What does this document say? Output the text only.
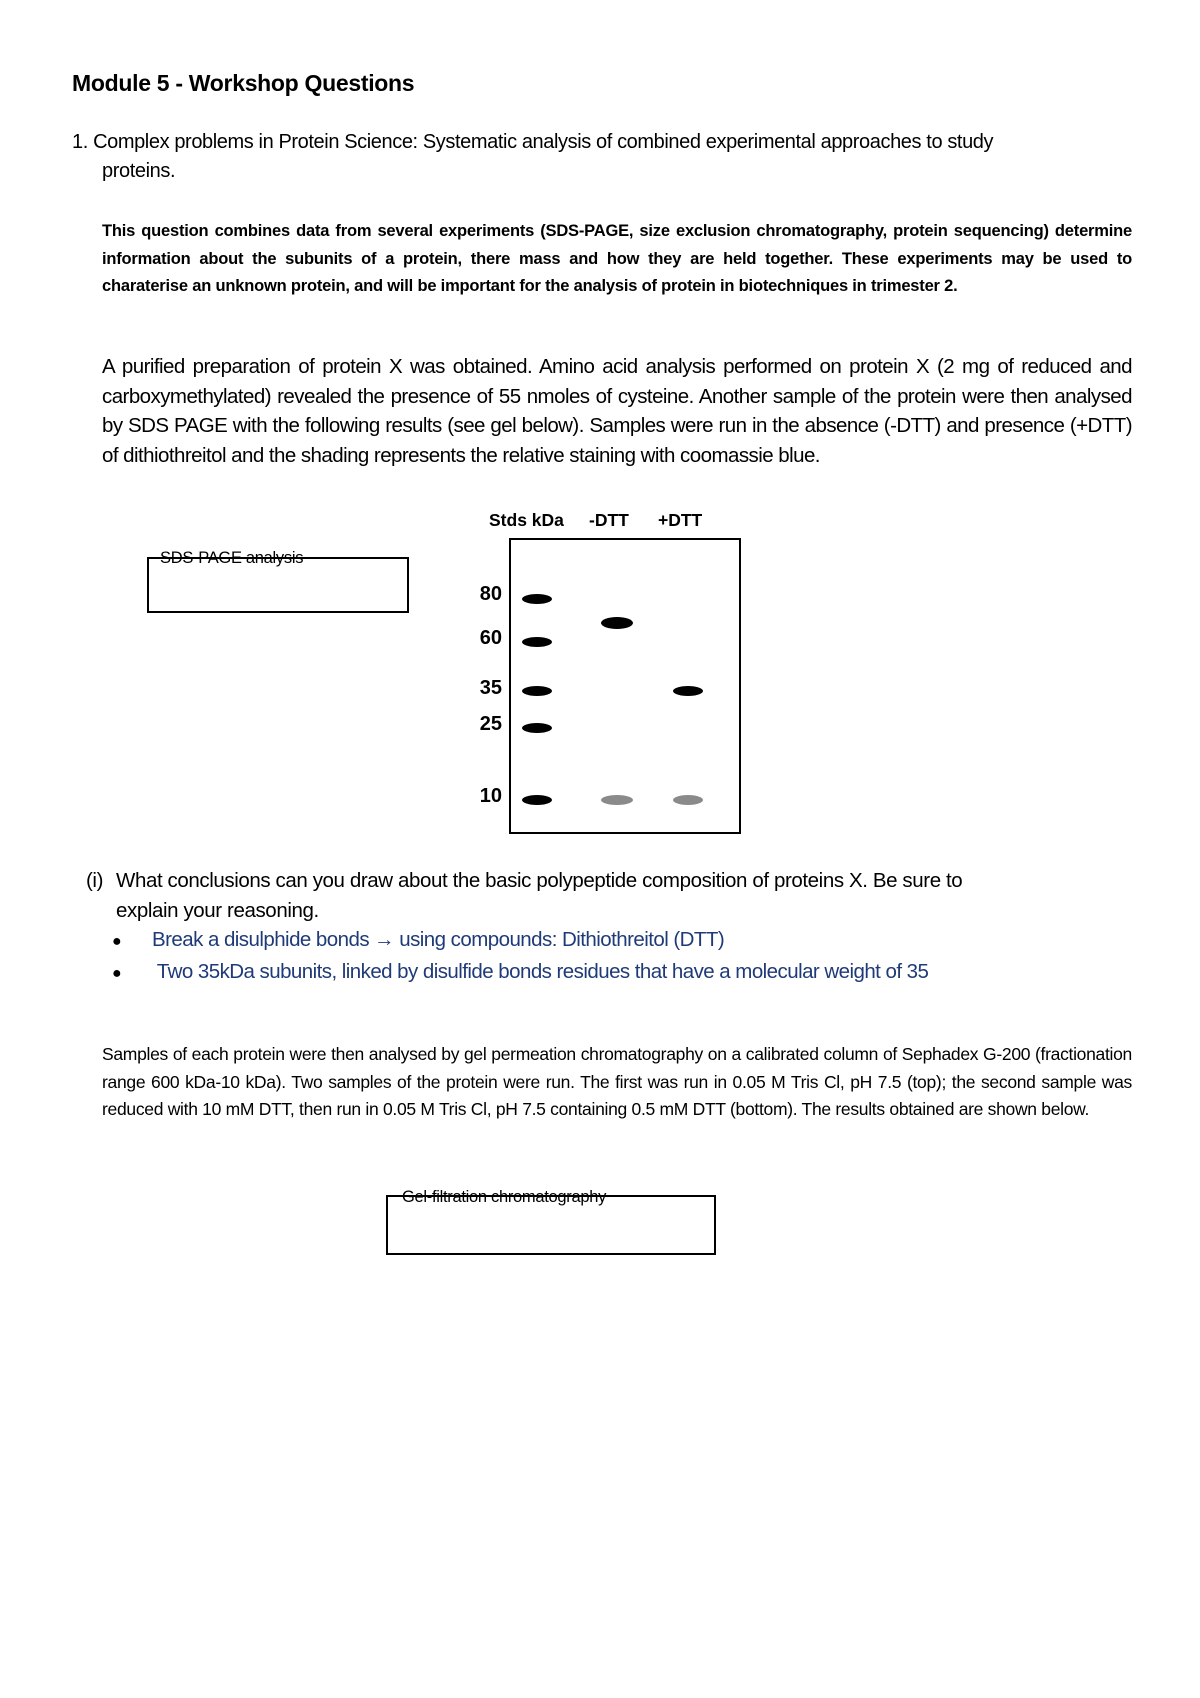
Module 5 - Workshop Questions
1. Complex problems in Protein Science: Systematic analysis of combined experimental approaches to study
proteins.
This question combines data from several experiments (SDS-PAGE, size exclusion chromatography, protein sequencing) determine information about the subunits of a protein, there mass and how they are held together. These experiments may be used to charaterise an unknown protein, and will be important for the analysis of protein in biotechniques in trimester 2.
A purified preparation of protein X was obtained. Amino acid analysis performed on protein X (2 mg of reduced and carboxymethylated) revealed the presence of 55 nmoles of cysteine. Another sample of the protein were then analysed by SDS PAGE with the following results (see gel below). Samples were run in the absence (-DTT) and presence (+DTT) of dithiothreitol and the shading represents the relative staining with coomassie blue.
SDS-PAGE analysis
Stds kDa -DTT +DTT
80
60
35
25
10
(i) What conclusions can you draw about the basic polypeptide composition of proteins X. Be sure to
explain your reasoning.
● Break a disulphide bonds → using compounds: Dithiothreitol (DTT)
● Two 35kDa subunits, linked by disulfide bonds residues that have a molecular weight of 35
Samples of each protein were then analysed by gel permeation chromatography on a calibrated column of Sephadex G-200 (fractionation range 600 kDa-10 kDa). Two samples of the protein were run. The first was run in 0.05 M Tris Cl, pH 7.5 (top); the second sample was reduced with 10 mM DTT, then run in 0.05 M Tris Cl, pH 7.5 containing 0.5 mM DTT (bottom). The results obtained are shown below.
Gel-filtration chromatography
